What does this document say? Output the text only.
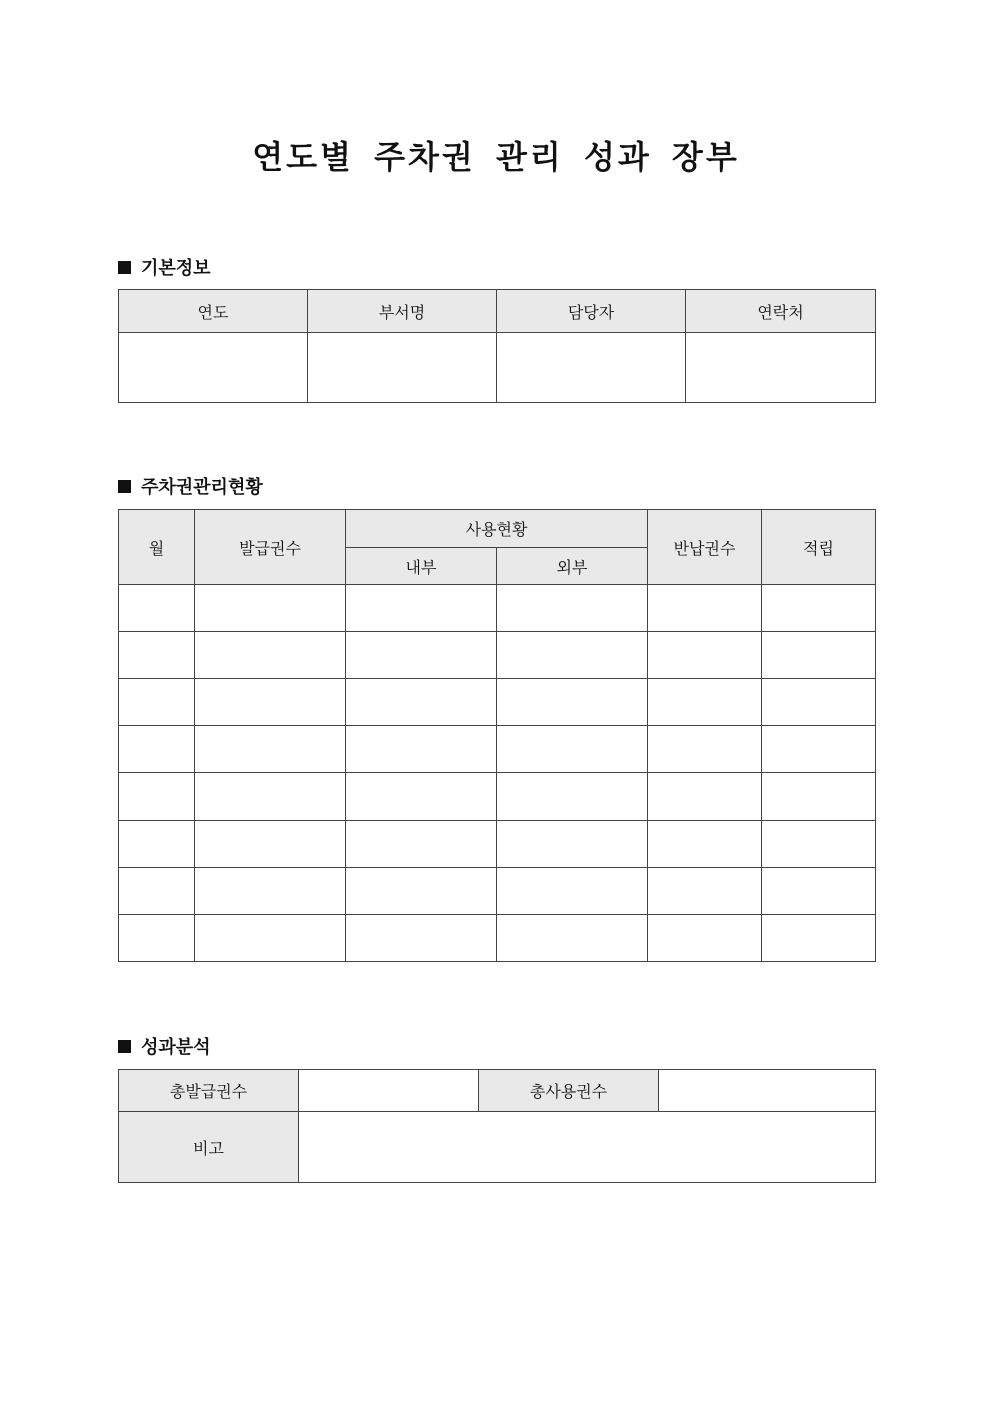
연도별 주차권 관리 성과 장부
기본정보
연도	부서명	담당자	연락처

주차권관리현황
월	발급권수	사용현황		반납권수	적립
		내부	외부		

성과분석
총발급권수		총사용권수	
비고			
